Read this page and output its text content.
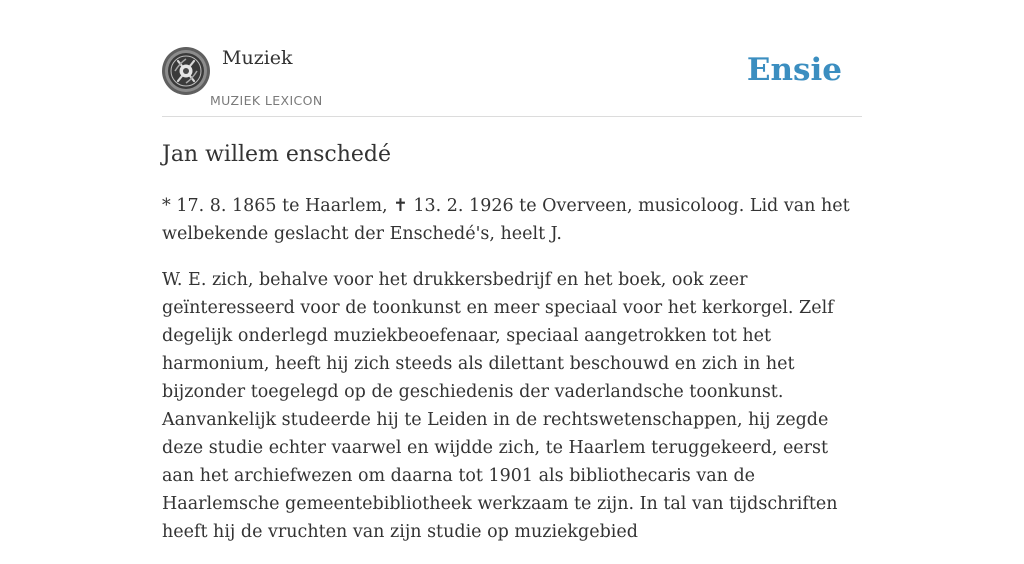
Muziek
MUZIEK LEXICON
Ensie
Jan willem enschedé

* 17. 8. 1865 te Haarlem, ✝ 13. 2. 1926 te Overveen, musicoloog. Lid van het welbekende geslacht der Enschedé's, heelt J.

W. E. zich, behalve voor het drukkersbedrijf en het boek, ook zeer geïnteresseerd voor de toonkunst en meer speciaal voor het kerkorgel. Zelf degelijk onderlegd muziekbeoefenaar, speciaal aangetrokken tot het harmonium, heeft hij zich steeds als dilettant beschouwd en zich in het bijzonder toegelegd op de geschiedenis der vaderlandsche toonkunst. Aanvankelijk studeerde hij te Leiden in de rechtswetenschappen, hij zegde deze studie echter vaarwel en wijdde zich, te Haarlem teruggekeerd, eerst aan het archiefwezen om daarna tot 1901 als bibliothecaris van de Haarlemsche gemeentebibliotheek werkzaam te zijn. In tal van tijdschriften heeft hij de vruchten van zijn studie op muziekgebied
